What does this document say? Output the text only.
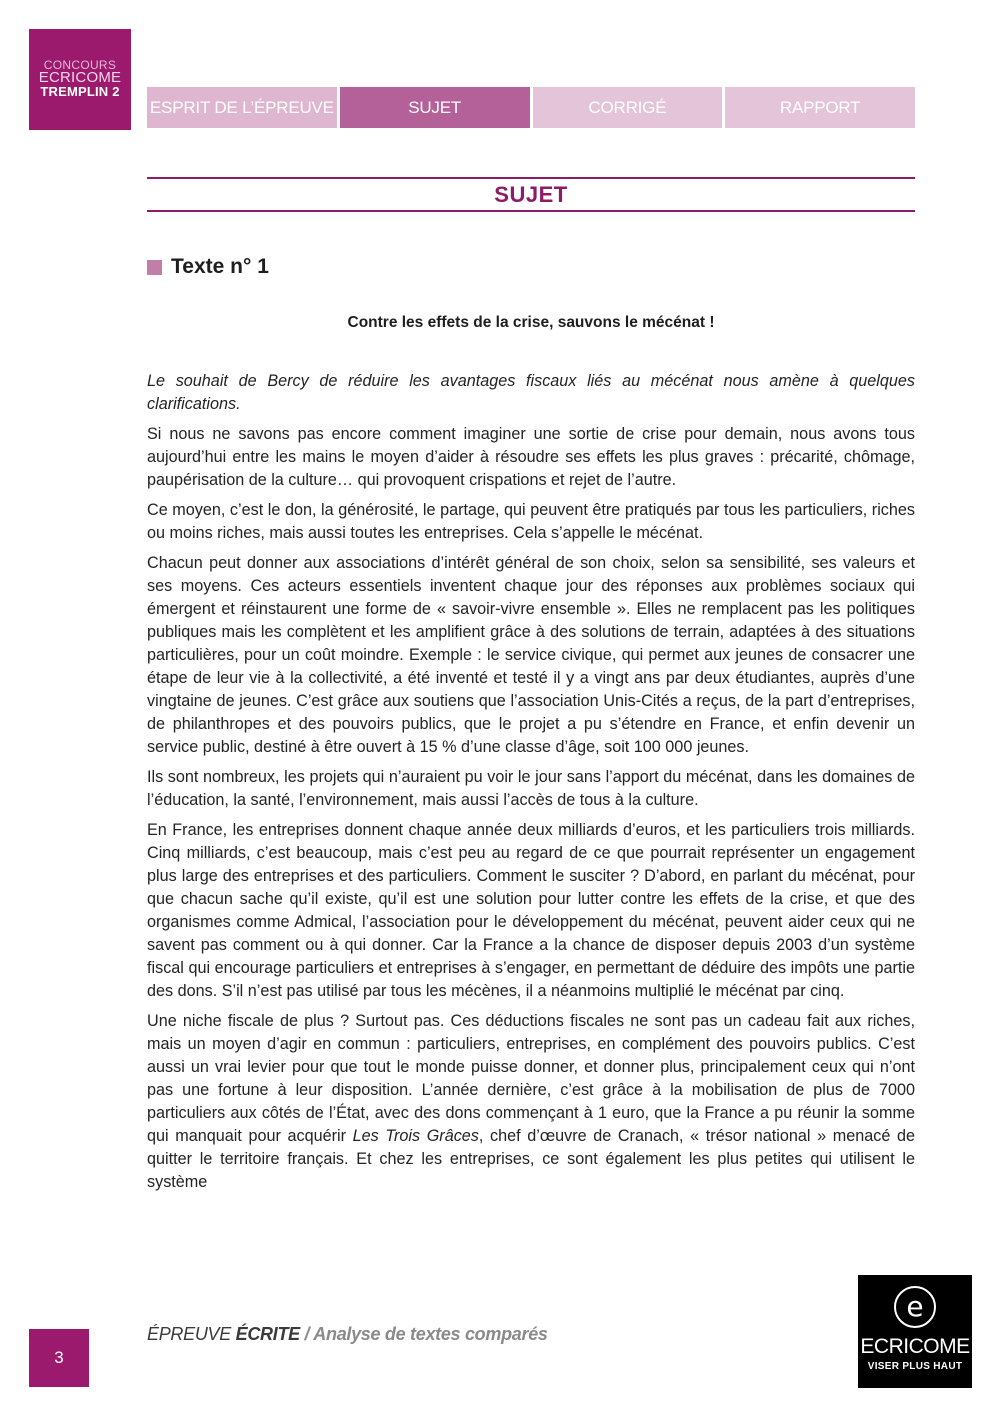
CONCOURS
ECRICOME
TREMPLIN 2
ESPRIT DE L’ÉPREUVE	SUJET	CORRIGÉ	RAPPORT
SUJET
Texte n° 1
Contre les effets de la crise, sauvons le mécénat !

Le souhait de Bercy de réduire les avantages fiscaux liés au mécénat nous amène à quelques clarifications.

Si nous ne savons pas encore comment imaginer une sortie de crise pour demain, nous avons tous aujourd’hui entre les mains le moyen d’aider à résoudre ses effets les plus graves : précarité, chômage, paupérisation de la culture… qui provoquent crispations et rejet de l’autre.

Ce moyen, c’est le don, la générosité, le partage, qui peuvent être pratiqués par tous les particuliers, riches ou moins riches, mais aussi toutes les entreprises. Cela s’appelle le mécénat.

Chacun peut donner aux associations d’intérêt général de son choix, selon sa sensibilité, ses valeurs et ses moyens. Ces acteurs essentiels inventent chaque jour des réponses aux problèmes sociaux qui émergent et réinstaurent une forme de « savoir-vivre ensemble ». Elles ne remplacent pas les politiques publiques mais les complètent et les amplifient grâce à des solutions de terrain, adaptées à des situations particulières, pour un coût moindre. Exemple : le service civique, qui permet aux jeunes de consacrer une étape de leur vie à la collectivité, a été inventé et testé il y a vingt ans par deux étudiantes, auprès d’une vingtaine de jeunes. C’est grâce aux soutiens que l’association Unis-Cités a reçus, de la part d’entreprises, de philanthropes et des pouvoirs publics, que le projet a pu s’étendre en France, et enfin devenir un service public, destiné à être ouvert à 15 % d’une classe d’âge, soit 100 000 jeunes.

Ils sont nombreux, les projets qui n’auraient pu voir le jour sans l’apport du mécénat, dans les domaines de l’éducation, la santé, l’environnement, mais aussi l’accès de tous à la culture.

En France, les entreprises donnent chaque année deux milliards d’euros, et les particuliers trois milliards. Cinq milliards, c’est beaucoup, mais c’est peu au regard de ce que pourrait représenter un engagement plus large des entreprises et des particuliers. Comment le susciter ? D’abord, en parlant du mécénat, pour que chacun sache qu’il existe, qu’il est une solution pour lutter contre les effets de la crise, et que des organismes comme Admical, l’association pour le développement du mécénat, peuvent aider ceux qui ne savent pas comment ou à qui donner. Car la France a la chance de disposer depuis 2003 d’un système fiscal qui encourage particuliers et entreprises à s’engager, en permettant de déduire des impôts une partie des dons. S’il n’est pas utilisé par tous les mécènes, il a néanmoins multiplié le mécénat par cinq.

Une niche fiscale de plus ? Surtout pas. Ces déductions fiscales ne sont pas un cadeau fait aux riches, mais un moyen d’agir en commun : particuliers, entreprises, en complément des pouvoirs publics. C’est aussi un vrai levier pour que tout le monde puisse donner, et donner plus, principalement ceux qui n’ont pas une fortune à leur disposition. L’année dernière, c’est grâce à la mobilisation de plus de 7000 particuliers aux côtés de l’État, avec des dons commençant à 1 euro, que la France a pu réunir la somme qui manquait pour acquérir Les Trois Grâces, chef d’œuvre de Cranach, « trésor national » menacé de quitter le territoire français. Et chez les entreprises, ce sont également les plus petites qui utilisent le système

ÉPREUVE ÉCRITE / Analyse de textes comparés
3
e
ECRICOME
VISER PLUS HAUT
